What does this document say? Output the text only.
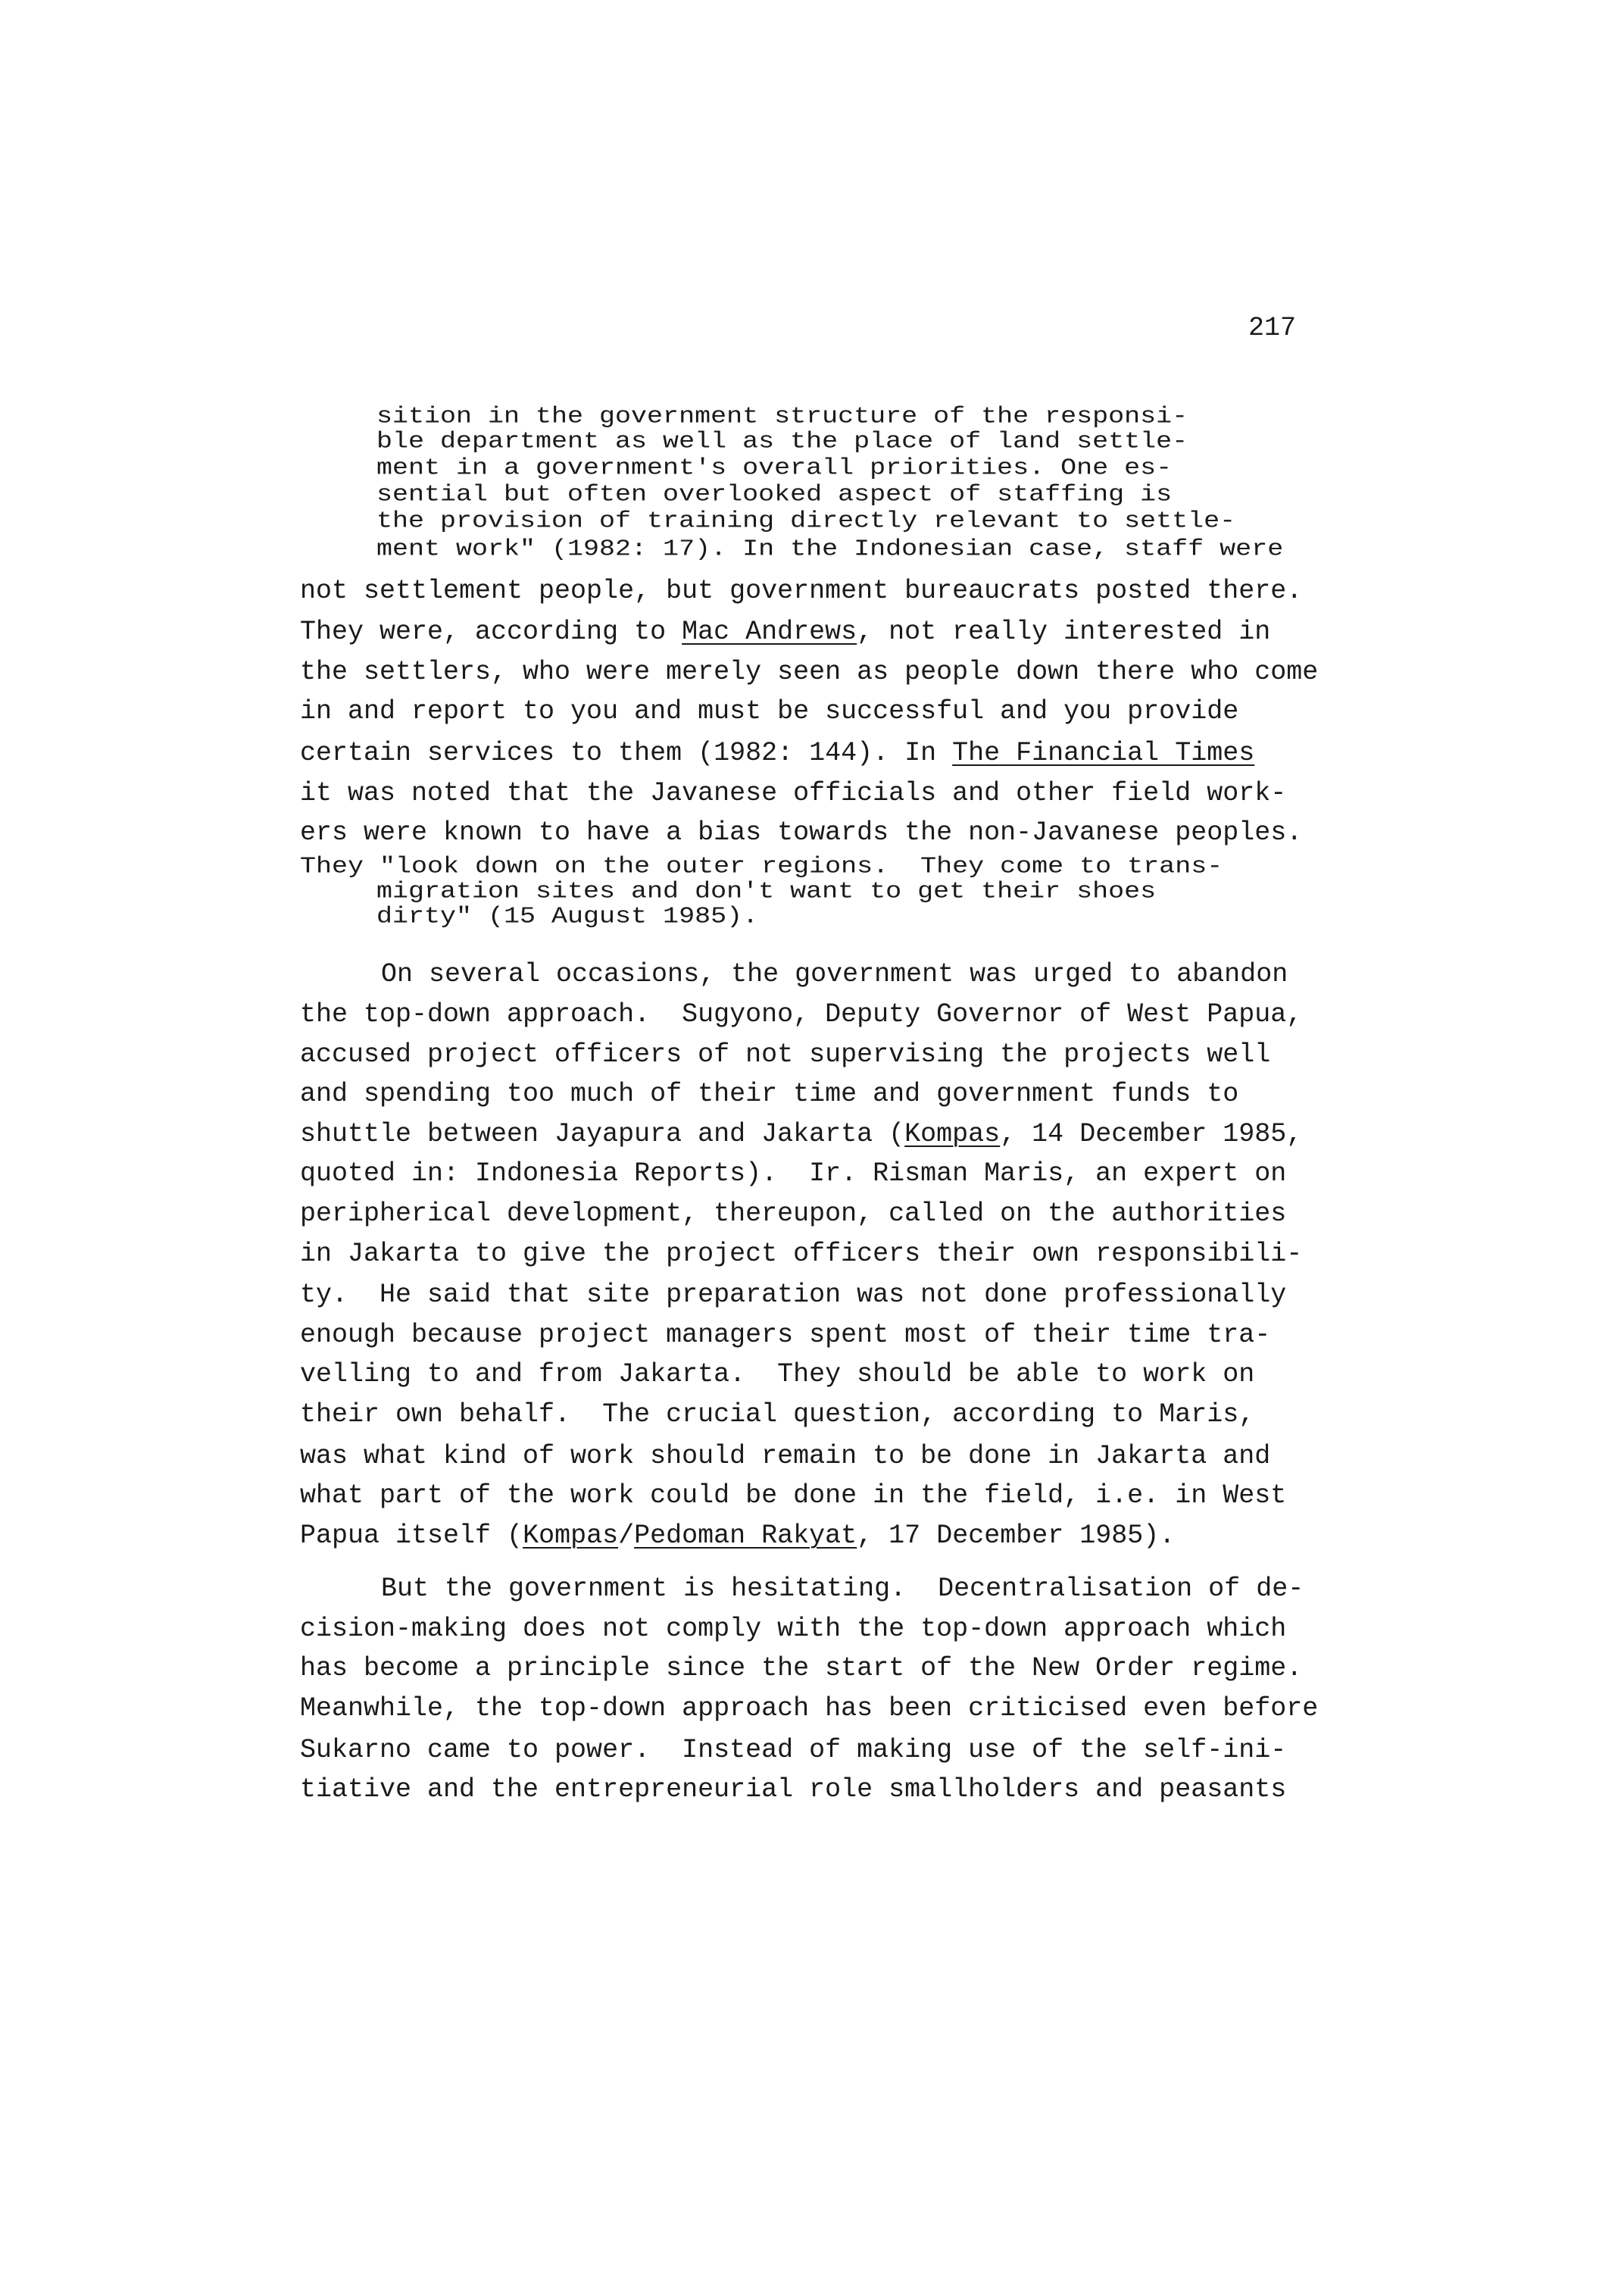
217
sition in the government structure of the responsi-
ble department as well as the place of land settle-
ment in a government's overall priorities. One es-
sential but often overlooked aspect of staffing is
the provision of training directly relevant to settle-
ment work" (1982: 17). In the Indonesian case, staff were
not settlement people, but government bureaucrats posted there.
They were, according to Mac Andrews, not really interested in
the settlers, who were merely seen as people down there who come
in and report to you and must be successful and you provide
certain services to them (1982: 144). In The Financial Times
it was noted that the Javanese officials and other field work-
ers were known to have a bias towards the non-Javanese peoples.
They "look down on the outer regions.  They come to trans-
migration sites and don't want to get their shoes
dirty" (15 August 1985).
On several occasions, the government was urged to abandon
the top-down approach.  Sugyono, Deputy Governor of West Papua,
accused project officers of not supervising the projects well
and spending too much of their time and government funds to
shuttle between Jayapura and Jakarta (Kompas, 14 December 1985,
quoted in: Indonesia Reports).  Ir. Risman Maris, an expert on
peripherical development, thereupon, called on the authorities
in Jakarta to give the project officers their own responsibili-
ty.  He said that site preparation was not done professionally
enough because project managers spent most of their time tra-
velling to and from Jakarta.  They should be able to work on
their own behalf.  The crucial question, according to Maris,
was what kind of work should remain to be done in Jakarta and
what part of the work could be done in the field, i.e. in West
Papua itself (Kompas/Pedoman Rakyat, 17 December 1985).
But the government is hesitating.  Decentralisation of de-
cision-making does not comply with the top-down approach which
has become a principle since the start of the New Order regime.
Meanwhile, the top-down approach has been criticised even before
Sukarno came to power.  Instead of making use of the self-ini-
tiative and the entrepreneurial role smallholders and peasants
